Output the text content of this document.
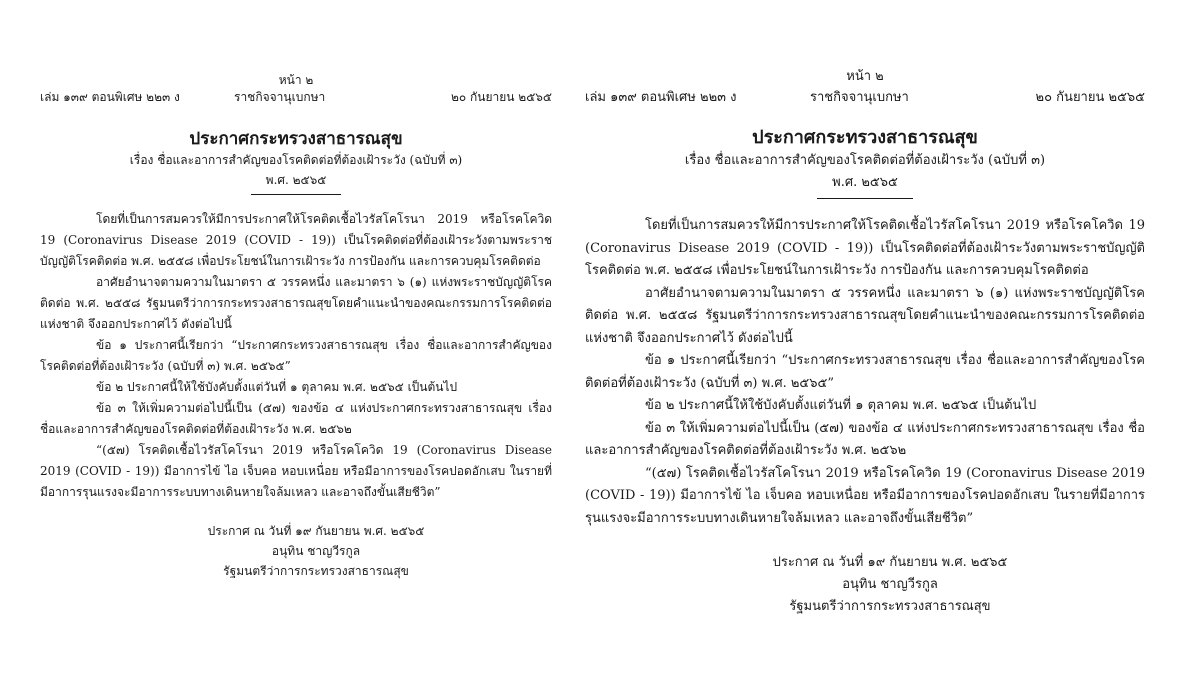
หน้า ๒
เล่ม ๑๓๙ ตอนพิเศษ ๒๒๓ ง	ราชกิจจานุเบกษา	๒๐ กันยายน ๒๕๖๕
ประกาศกระทรวงสาธารณสุข
เรื่อง ชื่อและอาการสำคัญของโรคติดต่อที่ต้องเฝ้าระวัง (ฉบับที่ ๓)
พ.ศ. ๒๕๖๕
โดยที่เป็นการสมควรให้มีการประกาศให้โรคติดเชื้อไวรัสโคโรนา 2019 หรือโรคโควิด 19 (Coronavirus Disease 2019 (COVID - 19)) เป็นโรคติดต่อที่ต้องเฝ้าระวังตามพระราชบัญญัติโรคติดต่อ พ.ศ. ๒๕๕๘ เพื่อประโยชน์ในการเฝ้าระวัง การป้องกัน และการควบคุมโรคติดต่อ
อาศัยอำนาจตามความในมาตรา ๕ วรรคหนึ่ง และมาตรา ๖ (๑) แห่งพระราชบัญญัติโรคติดต่อ พ.ศ. ๒๕๕๘ รัฐมนตรีว่าการกระทรวงสาธารณสุขโดยคำแนะนำของคณะกรรมการโรคติดต่อแห่งชาติ จึงออกประกาศไว้ ดังต่อไปนี้
ข้อ ๑ ประกาศนี้เรียกว่า “ประกาศกระทรวงสาธารณสุข เรื่อง ชื่อและอาการสำคัญของโรคติดต่อที่ต้องเฝ้าระวัง (ฉบับที่ ๓) พ.ศ. ๒๕๖๕”
ข้อ ๒ ประกาศนี้ให้ใช้บังคับตั้งแต่วันที่ ๑ ตุลาคม พ.ศ. ๒๕๖๕ เป็นต้นไป
ข้อ ๓ ให้เพิ่มความต่อไปนี้เป็น (๕๗) ของข้อ ๔ แห่งประกาศกระทรวงสาธารณสุข เรื่อง ชื่อและอาการสำคัญของโรคติดต่อที่ต้องเฝ้าระวัง พ.ศ. ๒๕๖๒
“(๕๗) โรคติดเชื้อไวรัสโคโรนา 2019 หรือโรคโควิด 19 (Coronavirus Disease 2019 (COVID - 19)) มีอาการไข้ ไอ เจ็บคอ หอบเหนื่อย หรือมีอาการของโรคปอดอักเสบ ในรายที่มีอาการรุนแรงจะมีอาการระบบทางเดินหายใจล้มเหลว และอาจถึงขั้นเสียชีวิต”
ประกาศ ณ วันที่ ๑๙ กันยายน พ.ศ. ๒๕๖๕
อนุทิน ชาญวีรกูล
รัฐมนตรีว่าการกระทรวงสาธารณสุข
หน้า ๒
เล่ม ๑๓๙ ตอนพิเศษ ๒๒๓ ง	ราชกิจจานุเบกษา	๒๐ กันยายน ๒๕๖๕
ประกาศกระทรวงสาธารณสุข
เรื่อง ชื่อและอาการสำคัญของโรคติดต่อที่ต้องเฝ้าระวัง (ฉบับที่ ๓)
พ.ศ. ๒๕๖๕
โดยที่เป็นการสมควรให้มีการประกาศให้โรคติดเชื้อไวรัสโคโรนา 2019 หรือโรคโควิด 19 (Coronavirus Disease 2019 (COVID - 19)) เป็นโรคติดต่อที่ต้องเฝ้าระวังตามพระราชบัญญัติโรคติดต่อ พ.ศ. ๒๕๕๘ เพื่อประโยชน์ในการเฝ้าระวัง การป้องกัน และการควบคุมโรคติดต่อ
อาศัยอำนาจตามความในมาตรา ๕ วรรคหนึ่ง และมาตรา ๖ (๑) แห่งพระราชบัญญัติโรคติดต่อ พ.ศ. ๒๕๕๘ รัฐมนตรีว่าการกระทรวงสาธารณสุขโดยคำแนะนำของคณะกรรมการโรคติดต่อแห่งชาติ จึงออกประกาศไว้ ดังต่อไปนี้
ข้อ ๑ ประกาศนี้เรียกว่า “ประกาศกระทรวงสาธารณสุข เรื่อง ชื่อและอาการสำคัญของโรคติดต่อที่ต้องเฝ้าระวัง (ฉบับที่ ๓) พ.ศ. ๒๕๖๕”
ข้อ ๒ ประกาศนี้ให้ใช้บังคับตั้งแต่วันที่ ๑ ตุลาคม พ.ศ. ๒๕๖๕ เป็นต้นไป
ข้อ ๓ ให้เพิ่มความต่อไปนี้เป็น (๕๗) ของข้อ ๔ แห่งประกาศกระทรวงสาธารณสุข เรื่อง ชื่อและอาการสำคัญของโรคติดต่อที่ต้องเฝ้าระวัง พ.ศ. ๒๕๖๒
“(๕๗) โรคติดเชื้อไวรัสโคโรนา 2019 หรือโรคโควิด 19 (Coronavirus Disease 2019 (COVID - 19)) มีอาการไข้ ไอ เจ็บคอ หอบเหนื่อย หรือมีอาการของโรคปอดอักเสบ ในรายที่มีอาการรุนแรงจะมีอาการระบบทางเดินหายใจล้มเหลว และอาจถึงขั้นเสียชีวิต”
ประกาศ ณ วันที่ ๑๙ กันยายน พ.ศ. ๒๕๖๕
อนุทิน ชาญวีรกูล
รัฐมนตรีว่าการกระทรวงสาธารณสุข
